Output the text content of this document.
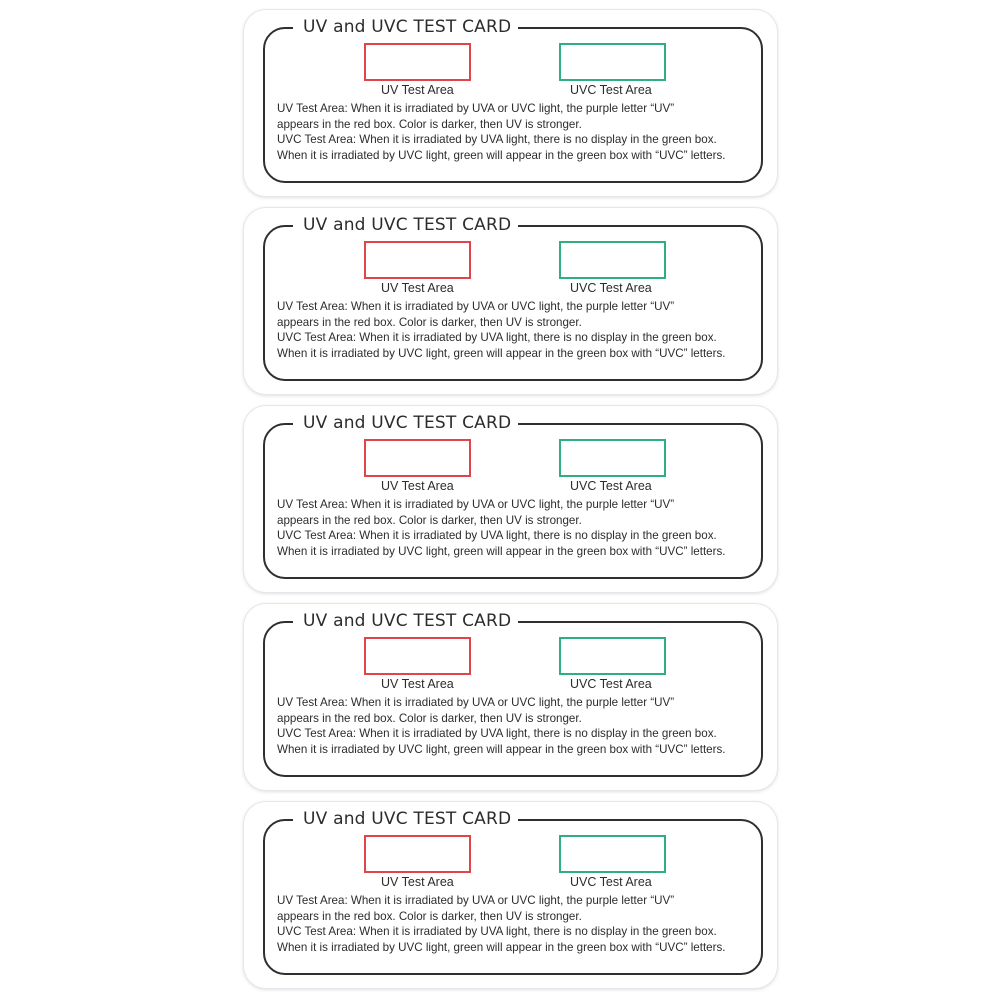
UV and UVC TEST CARD
UV Test Area	UVC Test Area
UV Test Area: When it is irradiated by UVA or UVC light, the purple letter “UV”
appears in the red box. Color is darker, then UV is stronger.
UVC Test Area: When it is irradiated by UVA light, there is no display in the green box.
When it is irradiated by UVC light, green will appear in the green box with “UVC” letters.
UV and UVC TEST CARD
UV Test Area	UVC Test Area
UV Test Area: When it is irradiated by UVA or UVC light, the purple letter “UV”
appears in the red box. Color is darker, then UV is stronger.
UVC Test Area: When it is irradiated by UVA light, there is no display in the green box.
When it is irradiated by UVC light, green will appear in the green box with “UVC” letters.
UV and UVC TEST CARD
UV Test Area	UVC Test Area
UV Test Area: When it is irradiated by UVA or UVC light, the purple letter “UV”
appears in the red box. Color is darker, then UV is stronger.
UVC Test Area: When it is irradiated by UVA light, there is no display in the green box.
When it is irradiated by UVC light, green will appear in the green box with “UVC” letters.
UV and UVC TEST CARD
UV Test Area	UVC Test Area
UV Test Area: When it is irradiated by UVA or UVC light, the purple letter “UV”
appears in the red box. Color is darker, then UV is stronger.
UVC Test Area: When it is irradiated by UVA light, there is no display in the green box.
When it is irradiated by UVC light, green will appear in the green box with “UVC” letters.
UV and UVC TEST CARD
UV Test Area	UVC Test Area
UV Test Area: When it is irradiated by UVA or UVC light, the purple letter “UV”
appears in the red box. Color is darker, then UV is stronger.
UVC Test Area: When it is irradiated by UVA light, there is no display in the green box.
When it is irradiated by UVC light, green will appear in the green box with “UVC” letters.
